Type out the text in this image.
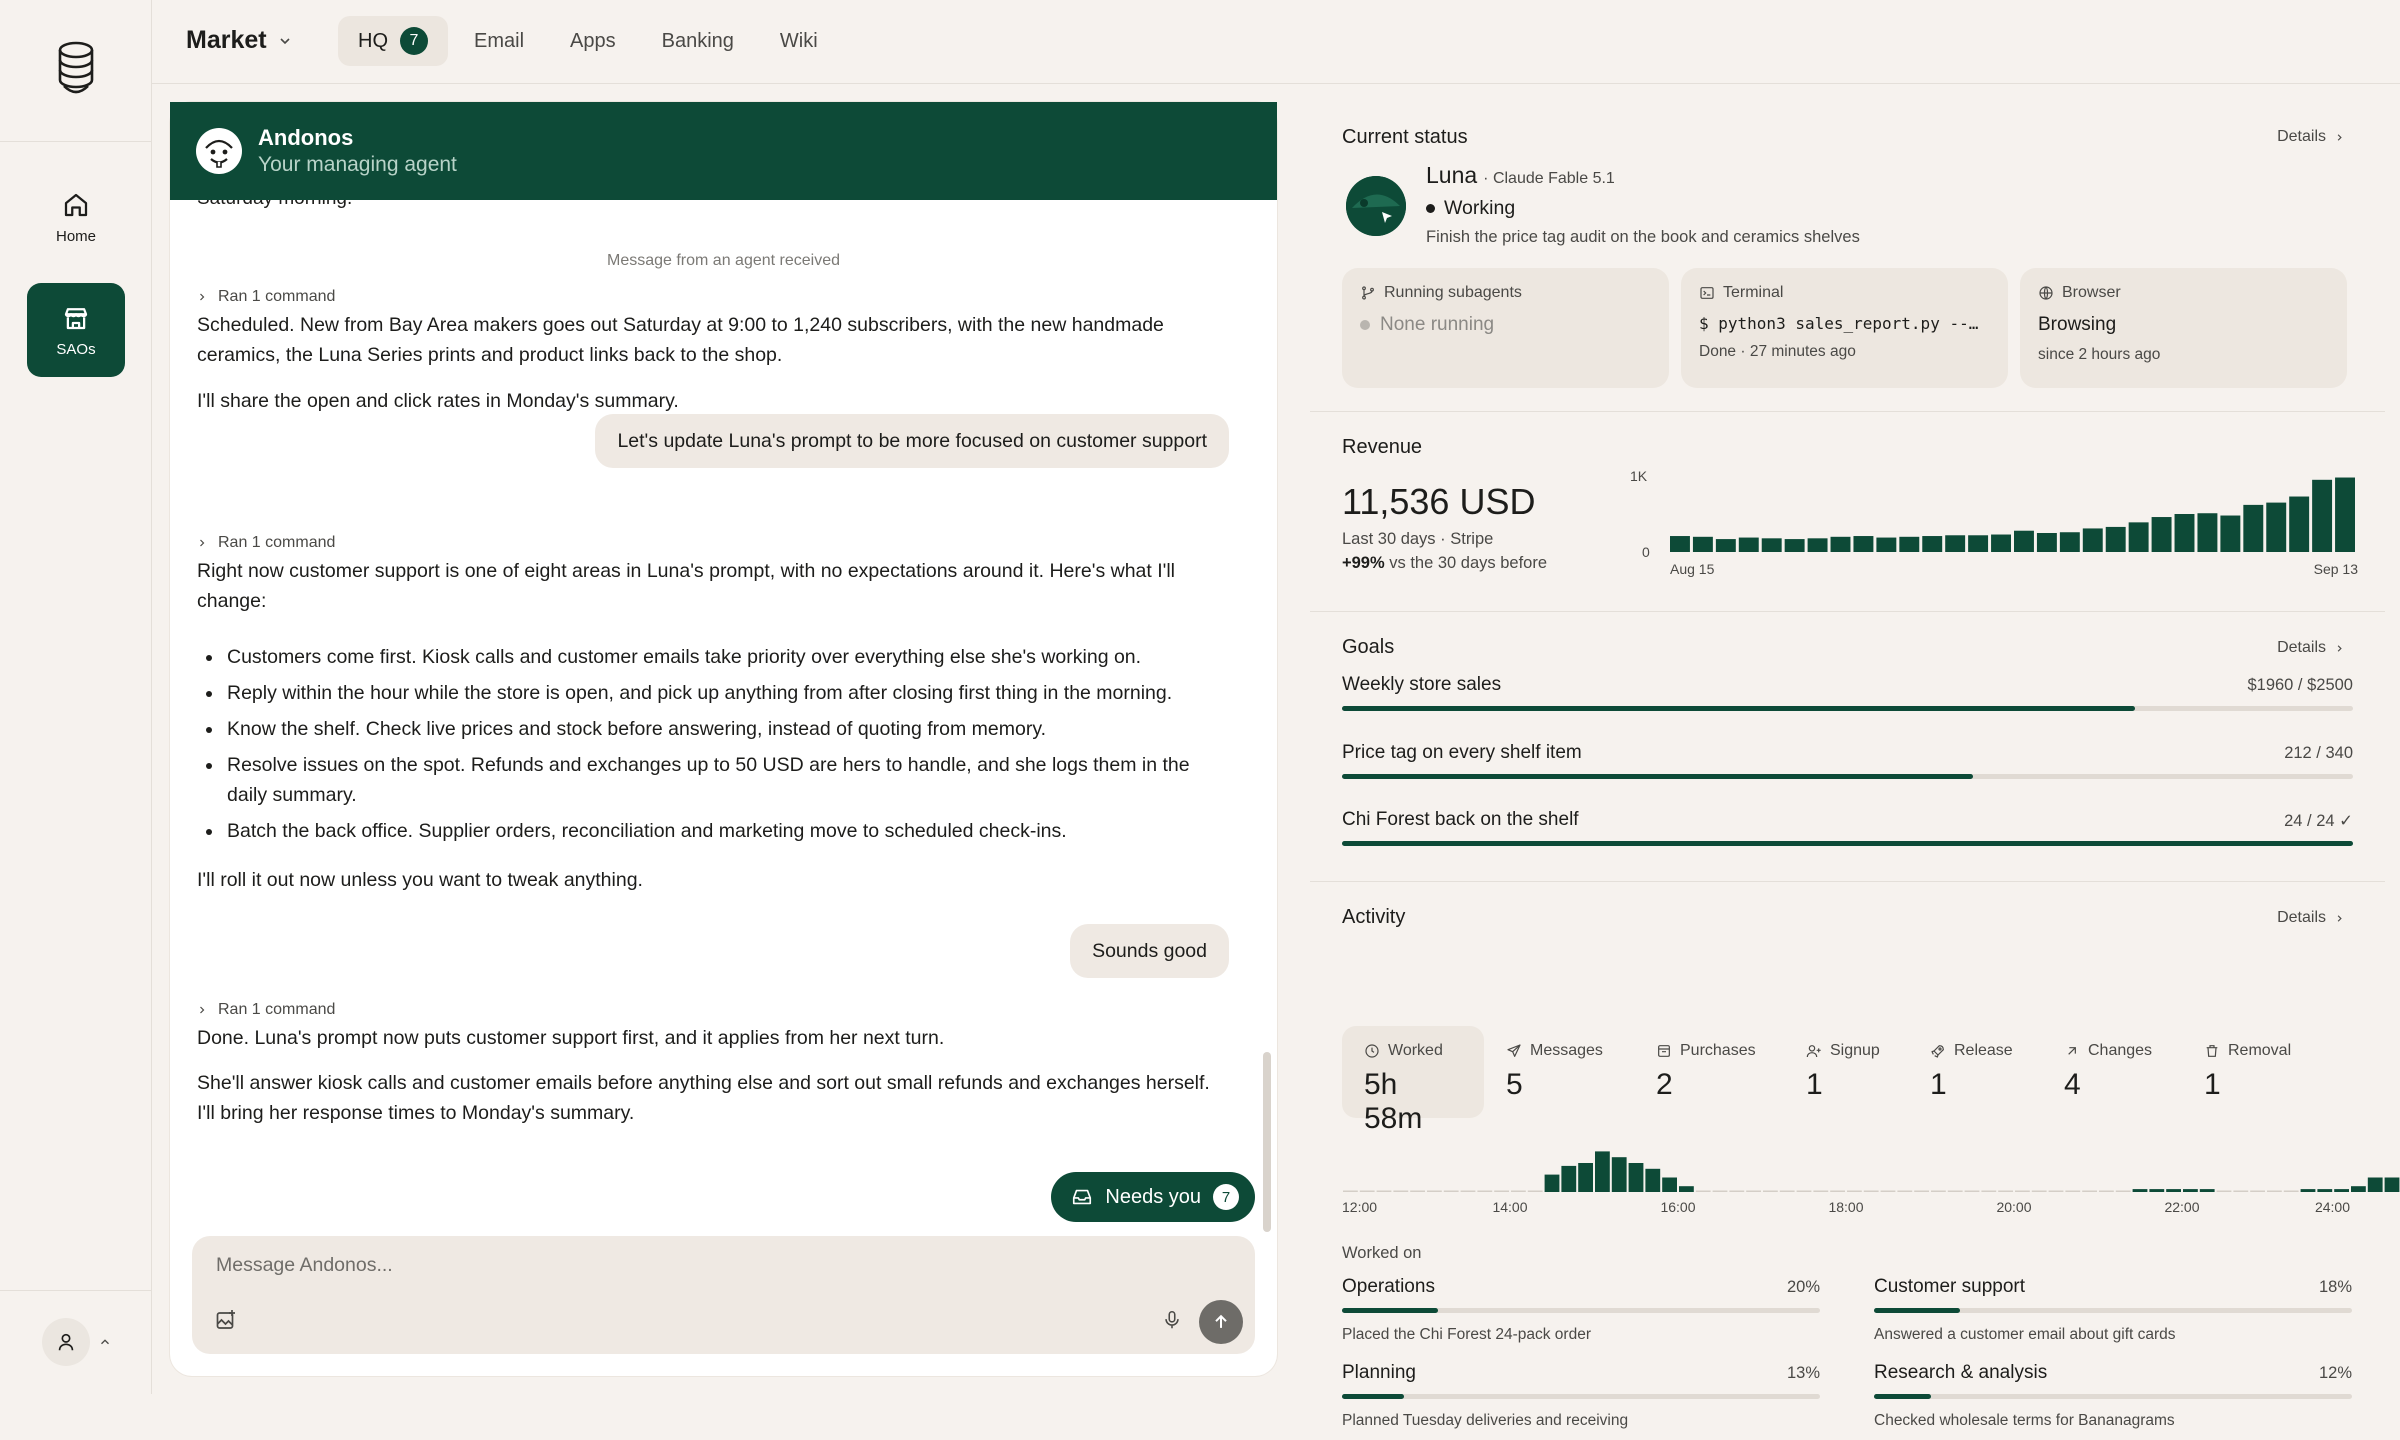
Home
SAOs
Market	HQ	7	Email Apps Banking Wiki
Andonos
Your managing agent
Message from an agent received
Ran 1 command
Scheduled. New from Bay Area makers goes out Saturday at 9:00 to 1,240 subscribers, with the new handmade ceramics, the Luna Series prints and product links back to the shop.
I'll share the open and click rates in Monday's summary.
Let's update Luna's prompt to be more focused on customer support
Ran 1 command
Right now customer support is one of eight areas in Luna's prompt, with no expectations around it. Here's what I'll change:
Customers come first. Kiosk calls and customer emails take priority over everything else she's working on.
Reply within the hour while the store is open, and pick up anything from after closing first thing in the morning.
Know the shelf. Check live prices and stock before answering, instead of quoting from memory.
Resolve issues on the spot. Refunds and exchanges up to 50 USD are hers to handle, and she logs them in the daily summary.
Batch the back office. Supplier orders, reconciliation and marketing move to scheduled check-ins.
I'll roll it out now unless you want to tweak anything.
Sounds good
Ran 1 command
Done. Luna's prompt now puts customer support first, and it applies from her next turn.
She'll answer kiosk calls and customer emails before anything else and sort out small refunds and exchanges herself. I'll bring her response times to Monday's summary.
Needs you	7
Message Andonos...
Current status	Details
Luna · Claude Fable 5.1
Working
Finish the price tag audit on the book and ceramics shelves
Running subagents
None running
Terminal
$ python3 sales_report.py --…
Done · 27 minutes ago
Browser
Browsing
since 2 hours ago
Revenue
11,536 USD
Last 30 days · Stripe
+99% vs the 30 days before
1K
0
Aug 15	Sep 13
Goals	Details
Weekly store sales	$1960 / $2500
Price tag on every shelf item	212 / 340
Chi Forest back on the shelf	24 / 24 ✓
Activity	Details
Worked
5h 58m
Messages
5
Purchases
2
Signup
1
Release
1
Changes
4
Removal
1
12:00	14:00	16:00	18:00	20:00	22:00	24:00
Worked on
Operations	20%
Placed the Chi Forest 24-pack order
Customer support	18%
Answered a customer email about gift cards
Planning	13%
Planned Tuesday deliveries and receiving
Research & analysis	12%
Checked wholesale terms for Bananagrams
